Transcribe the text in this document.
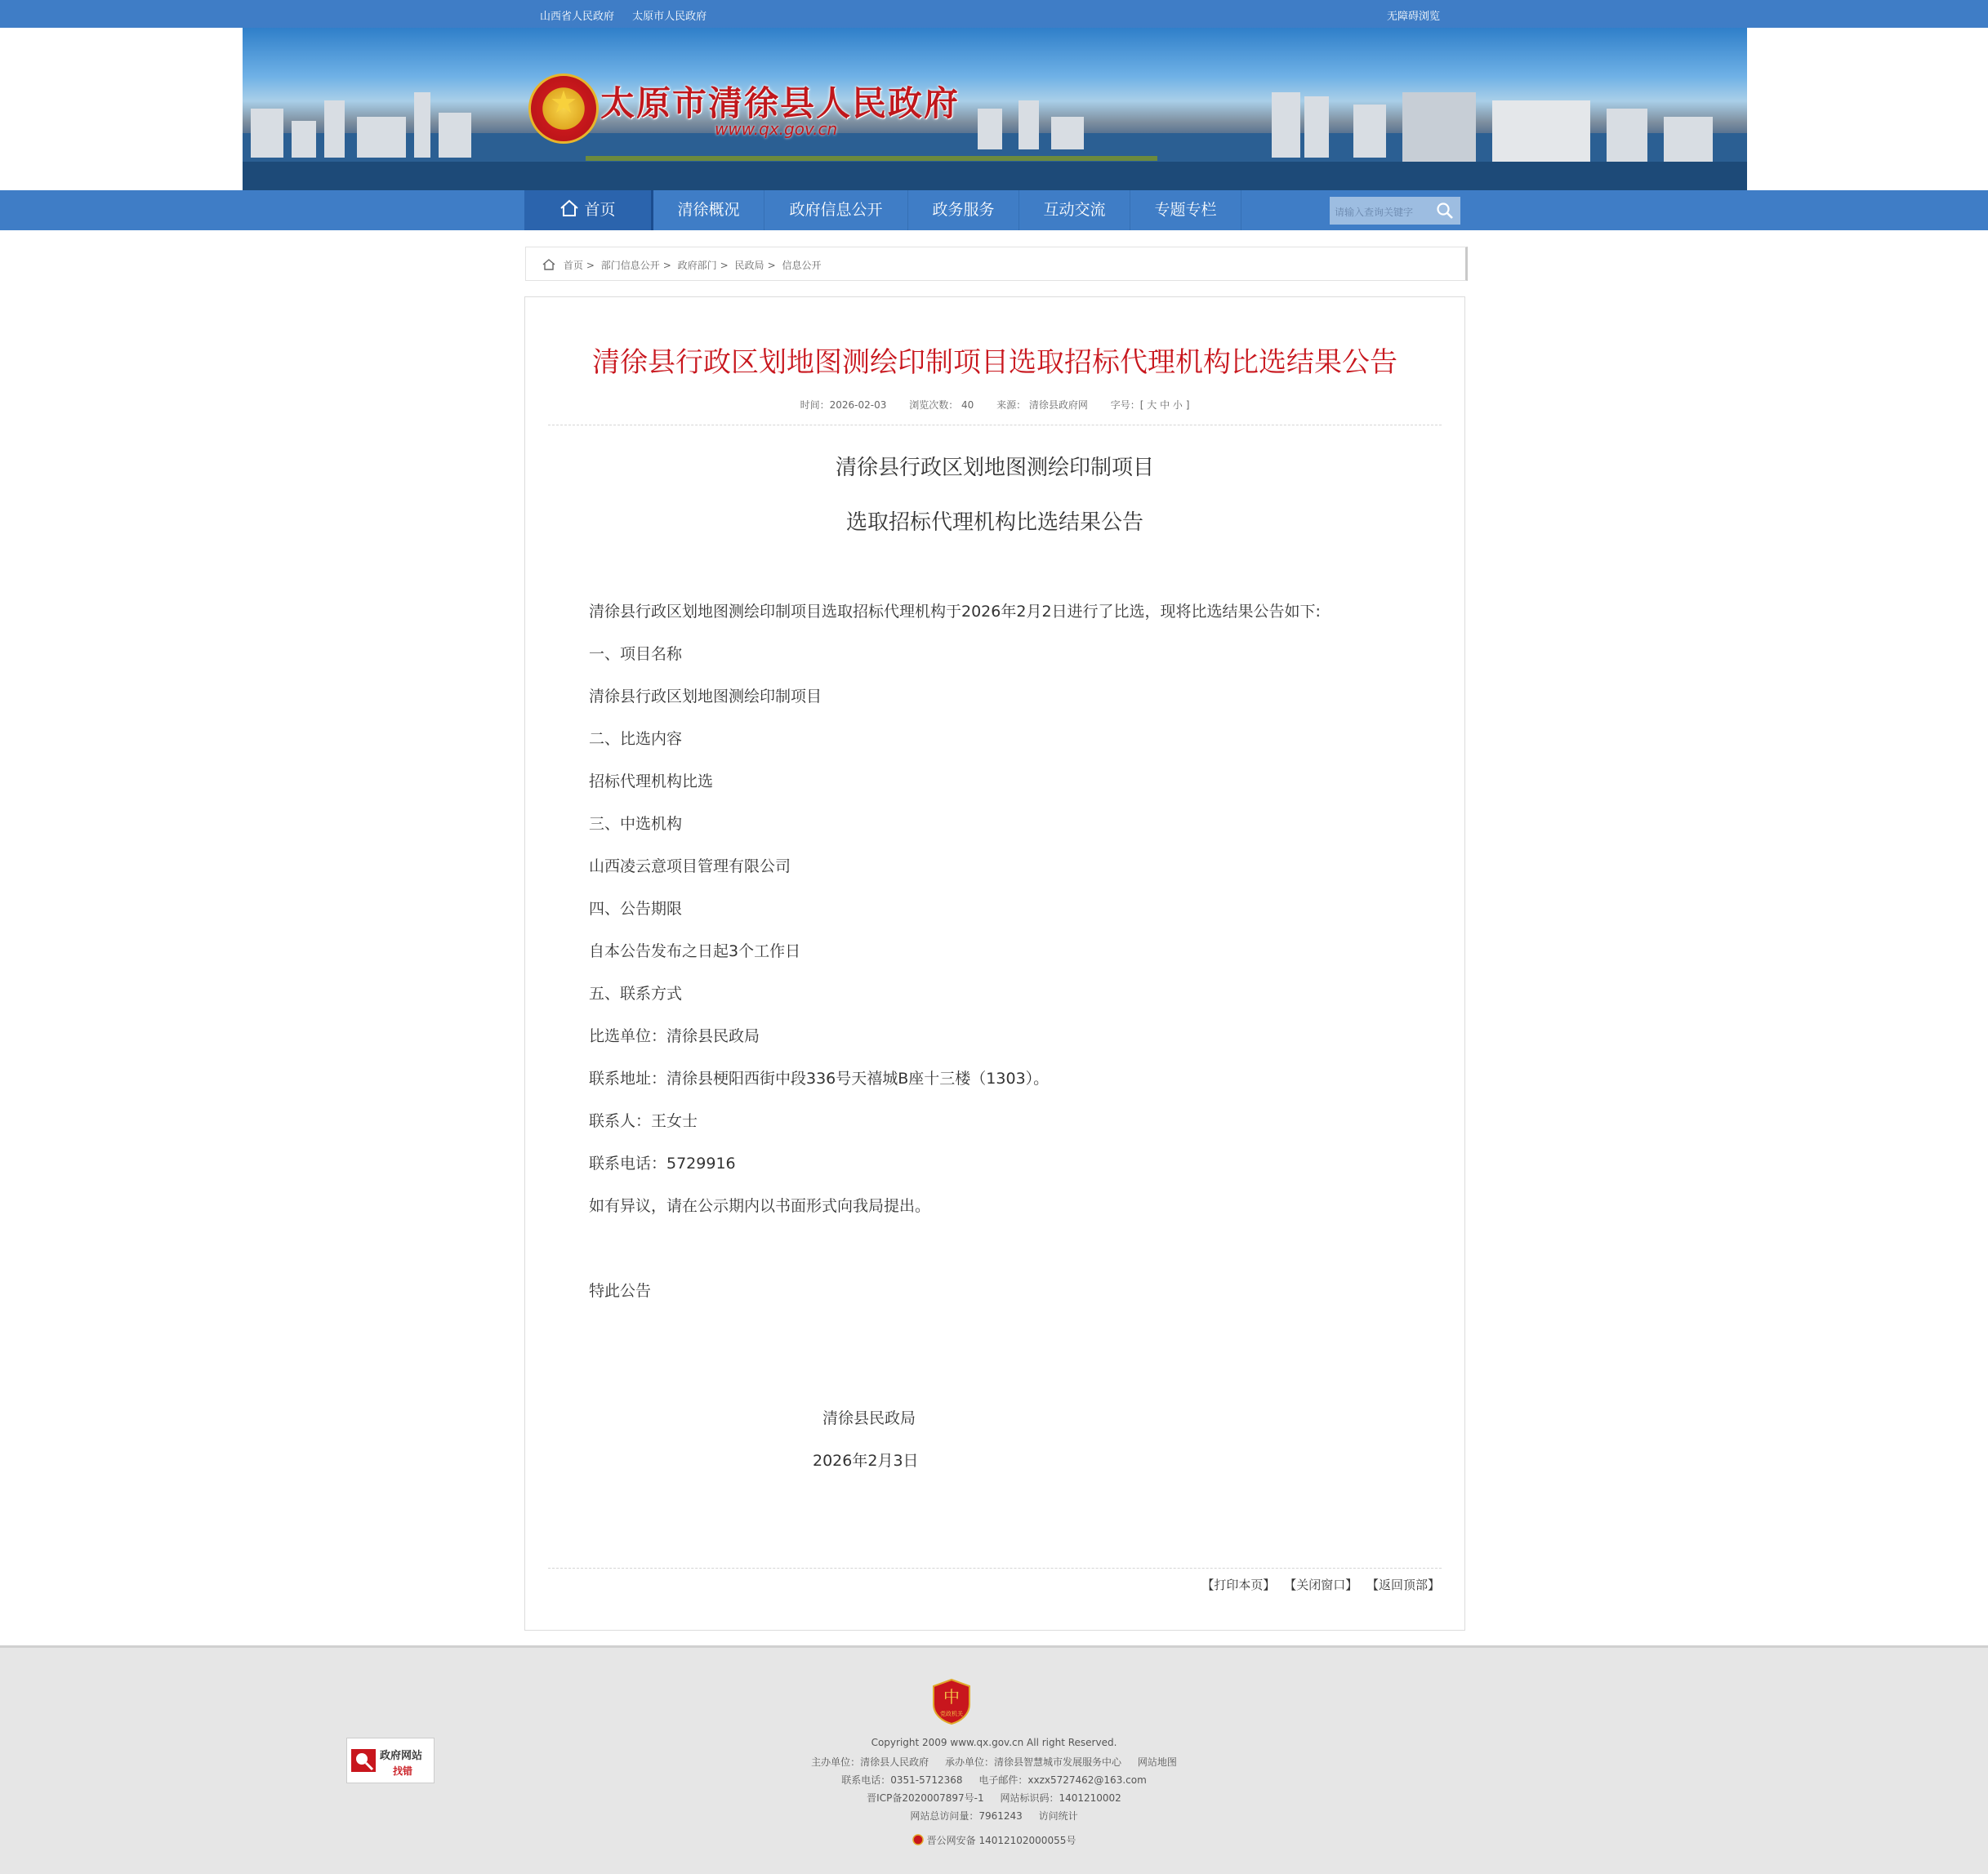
山西省人民政府 太原市人民政府	无障碍浏览
★ 太原市清徐县人民政府
www.qx.gov.cn
首页	清徐概况	政府信息公开	政务服务	互动交流	专题专栏	请输入查询关键字
首页 > 部门信息公开 > 政府部门 > 民政局 > 信息公开
清徐县行政区划地图测绘印制项目选取招标代理机构比选结果公告
时间：2026-02-03 浏览次数： 40 来源： 清徐县政府网 字号：[ 大 中 小 ]
清徐县行政区划地图测绘印制项目
选取招标代理机构比选结果公告
清徐县行政区划地图测绘印制项目选取招标代理机构于2026年2月2日进行了比选，现将比选结果公告如下:
一、项目名称
清徐县行政区划地图测绘印制项目
二、比选内容
招标代理机构比选
三、中选机构
山西凌云意项目管理有限公司
四、公告期限
自本公告发布之日起3个工作日
五、联系方式
比选单位：清徐县民政局
联系地址：清徐县梗阳西街中段336号天禧城B座十三楼（1303）。
联系人：王女士
联系电话：5729916
如有异议，请在公示期内以书面形式向我局提出。
特此公告
清徐县民政局
2026年2月3日
【打印本页】 【关闭窗口】 【返回顶部】
中
党政机关
Copyright 2009 www.qx.gov.cn All right Reserved.
主办单位：清徐县人民政府 承办单位：清徐县智慧城市发展服务中心 网站地图
联系电话：0351-5712368 电子邮件：xxzx5727462@163.com
晋ICP备2020007897号-1 网站标识码：1401210002
网站总访问量：7961243 访问统计
晋公网安备 14012102000055号
政府网站
找错
